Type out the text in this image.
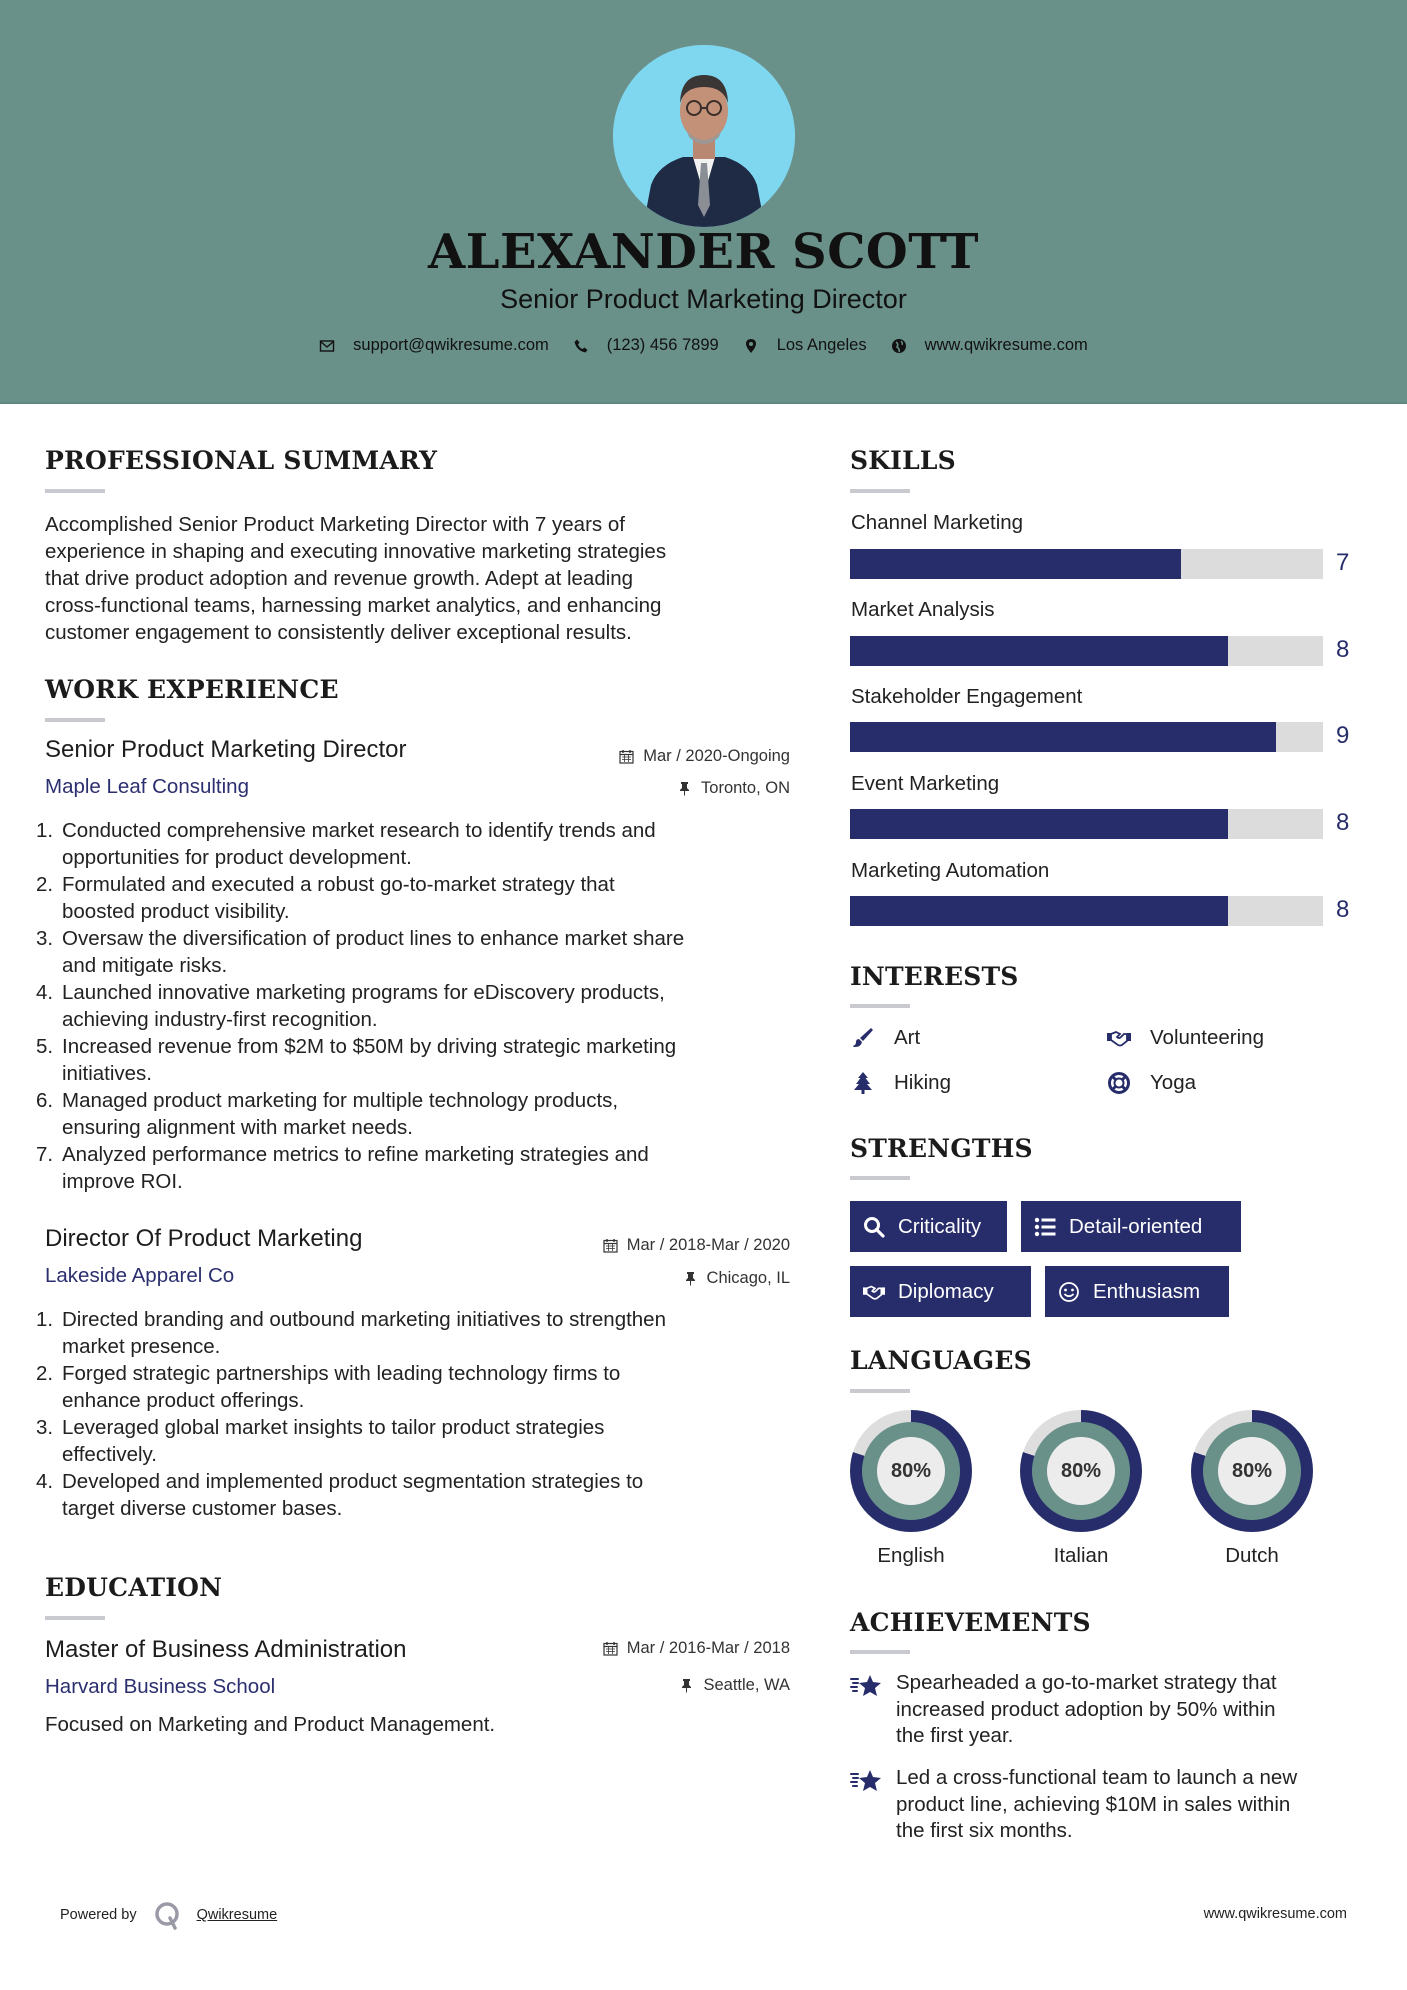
ALEXANDER SCOTT
Senior Product Marketing Director
support@qwikresume.com	(123) 456 7899	Los Angeles	www.qwikresume.com
PROFESSIONAL SUMMARY
Accomplished Senior Product Marketing Director with 7 years of
experience in shaping and executing innovative marketing strategies
that drive product adoption and revenue growth. Adept at leading
cross-functional teams, harnessing market analytics, and enhancing
customer engagement to consistently deliver exceptional results.
WORK EXPERIENCE
Senior Product Marketing Director	Mar / 2020-Ongoing
Maple Leaf Consulting	Toronto, ON
1. Conducted comprehensive market research to identify trends and
opportunities for product development.
2. Formulated and executed a robust go-to-market strategy that
boosted product visibility.
3. Oversaw the diversification of product lines to enhance market share
and mitigate risks.
4. Launched innovative marketing programs for eDiscovery products,
achieving industry-first recognition.
5. Increased revenue from $2M to $50M by driving strategic marketing
initiatives.
6. Managed product marketing for multiple technology products,
ensuring alignment with market needs.
7. Analyzed performance metrics to refine marketing strategies and
improve ROI.
Director Of Product Marketing	Mar / 2018-Mar / 2020
Lakeside Apparel Co	Chicago, IL
1. Directed branding and outbound marketing initiatives to strengthen
market presence.
2. Forged strategic partnerships with leading technology firms to
enhance product offerings.
3. Leveraged global market insights to tailor product strategies
effectively.
4. Developed and implemented product segmentation strategies to
target diverse customer bases.
EDUCATION
Master of Business Administration	Mar / 2016-Mar / 2018
Harvard Business School	Seattle, WA
Focused on Marketing and Product Management.
SKILLS
Channel Marketing
7
Market Analysis
8
Stakeholder Engagement
9
Event Marketing
8
Marketing Automation
8
INTERESTS
Art	Volunteering
Hiking	Yoga
STRENGTHS
Criticality	Detail-oriented
Diplomacy	Enthusiasm
LANGUAGES
80%
English
80%
Italian
80%
Dutch
ACHIEVEMENTS
Spearheaded a go-to-market strategy that
increased product adoption by 50% within
the first year.
Led a cross-functional team to launch a new
product line, achieving $10M in sales within
the first six months.
Powered by	Qwikresume	www.qwikresume.com
